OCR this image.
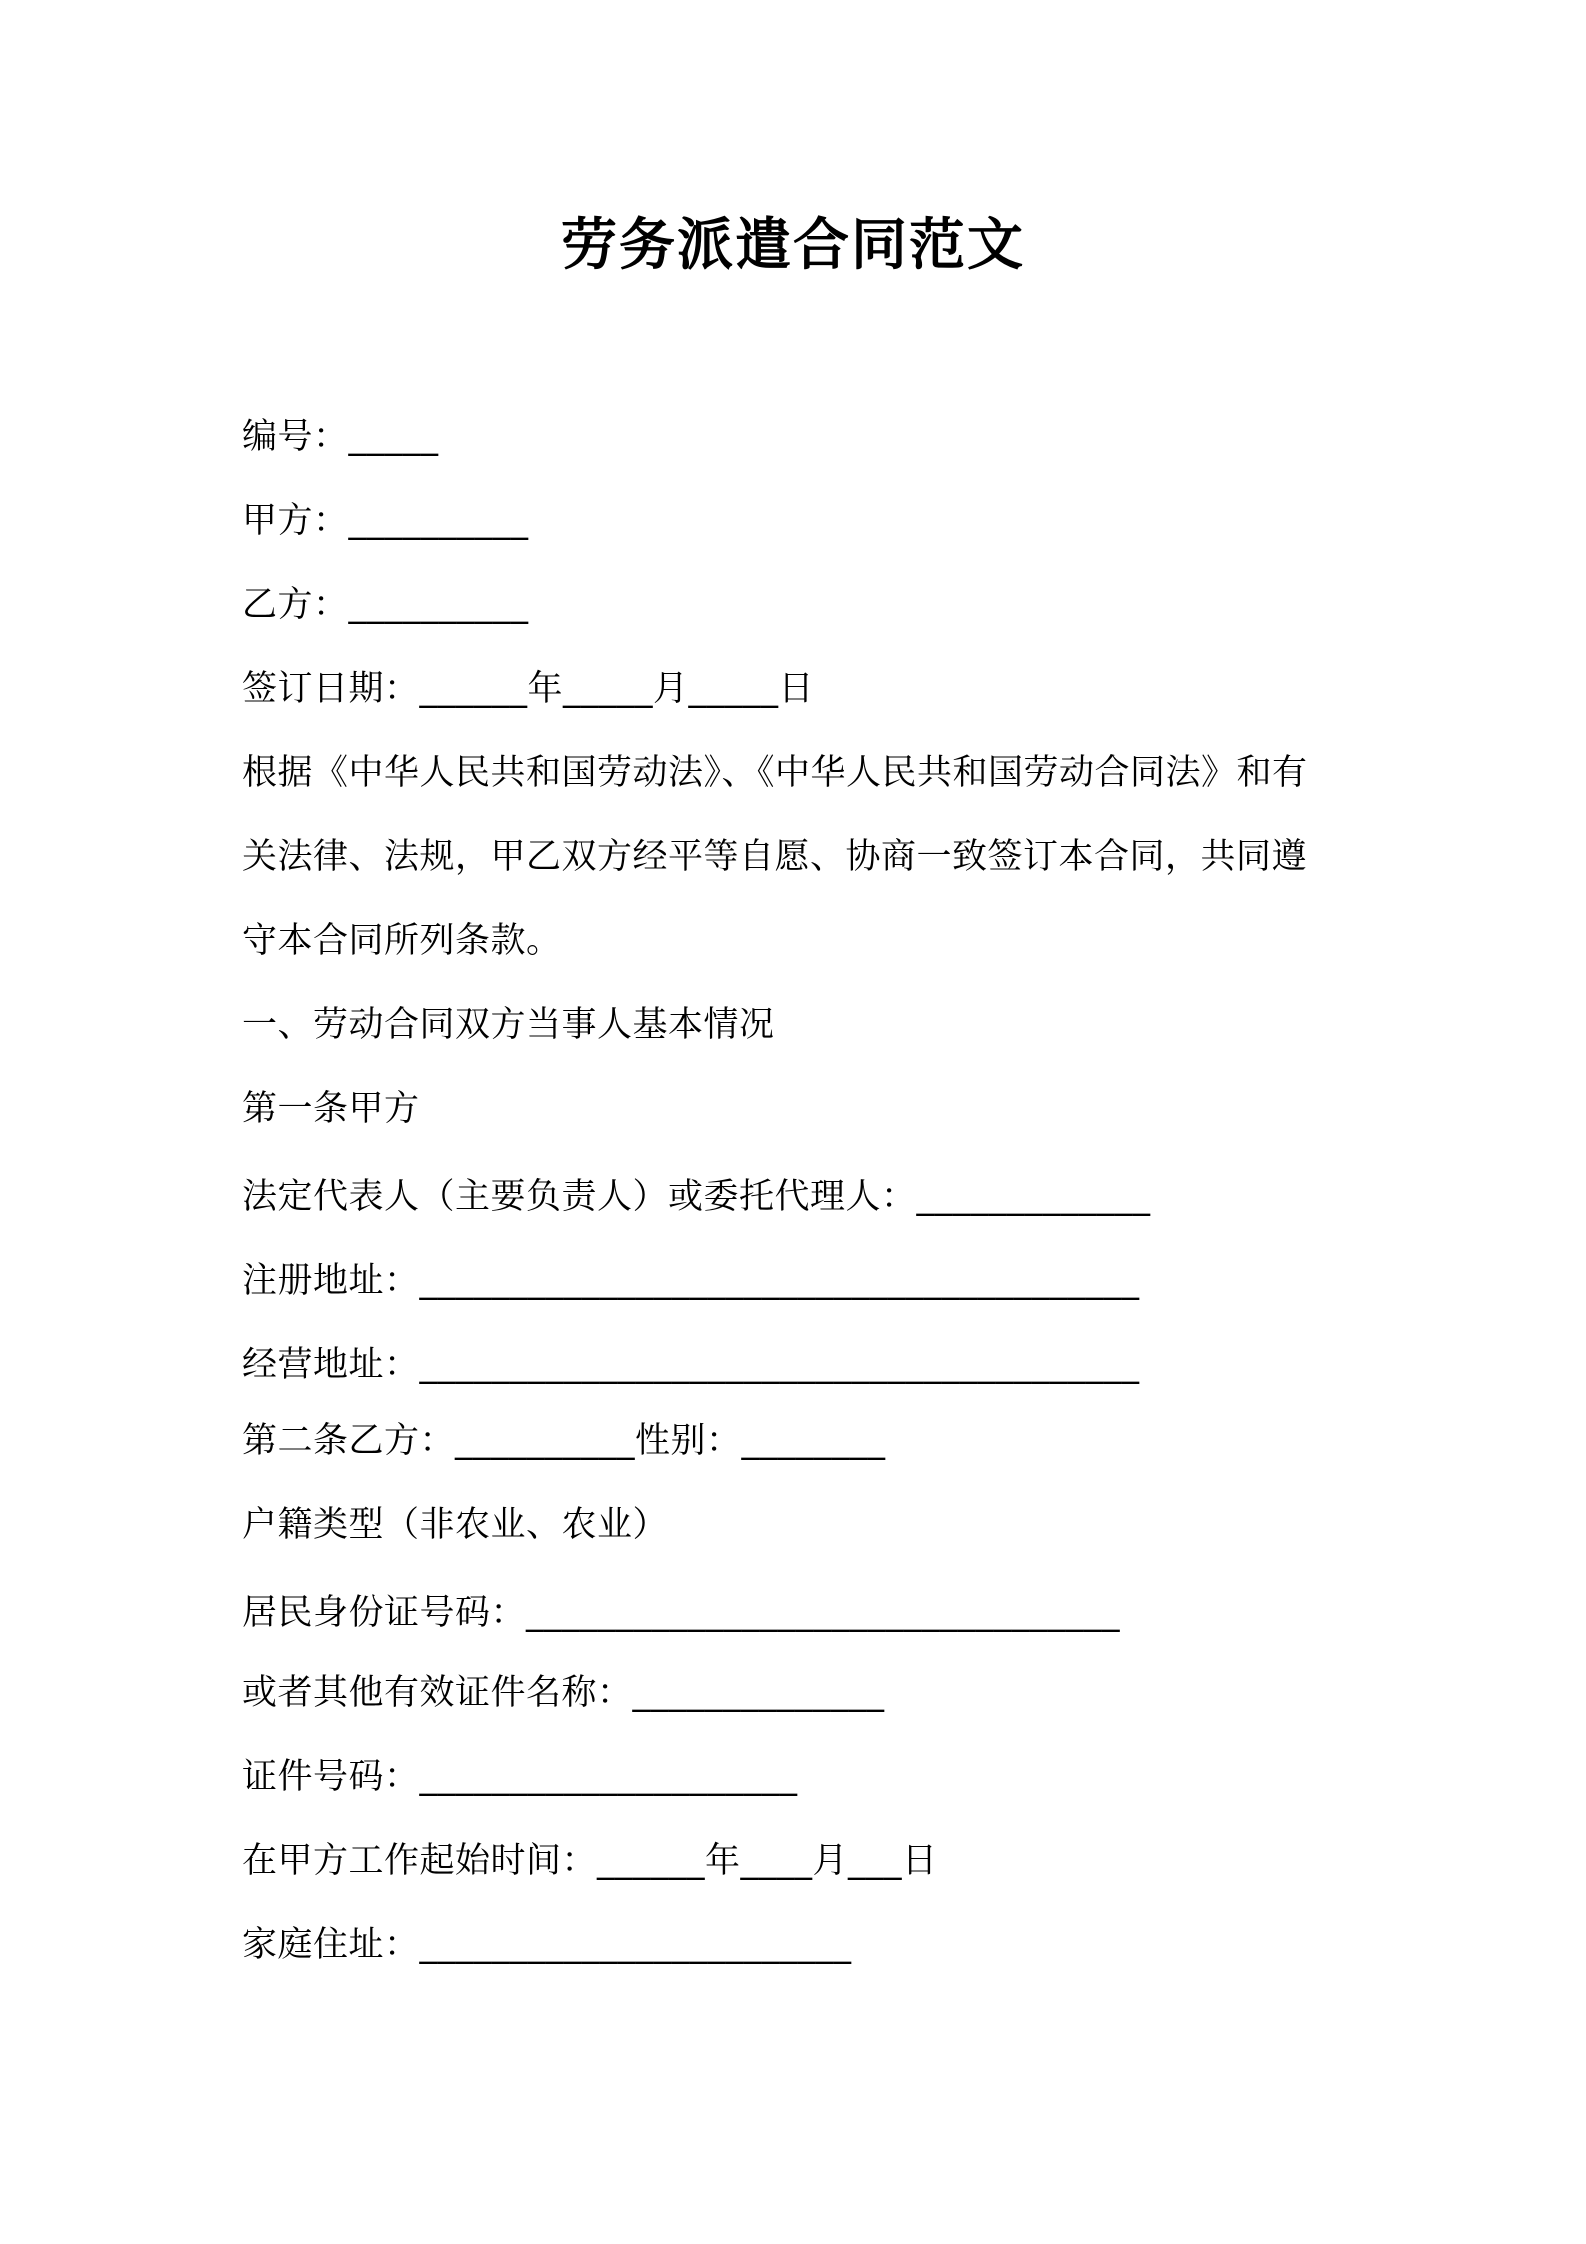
劳务派遣合同范文
编号：_____
甲方：__________
乙方：__________
签订日期：______年_____月_____日
根据《中华人民共和国劳动法》、《中华人民共和国劳动合同法》和有
关法律、法规，甲乙双方经平等自愿、协商一致签订本合同，共同遵
守本合同所列条款。
一、劳动合同双方当事人基本情况
第一条甲方
法定代表人（主要负责人）或委托代理人：_____________
注册地址：________________________________________
经营地址：________________________________________
第二条乙方：__________性别：________
户籍类型（非农业、农业）
居民身份证号码：_________________________________
或者其他有效证件名称：______________
证件号码：_____________________
在甲方工作起始时间：______年____月___日
家庭住址：________________________
